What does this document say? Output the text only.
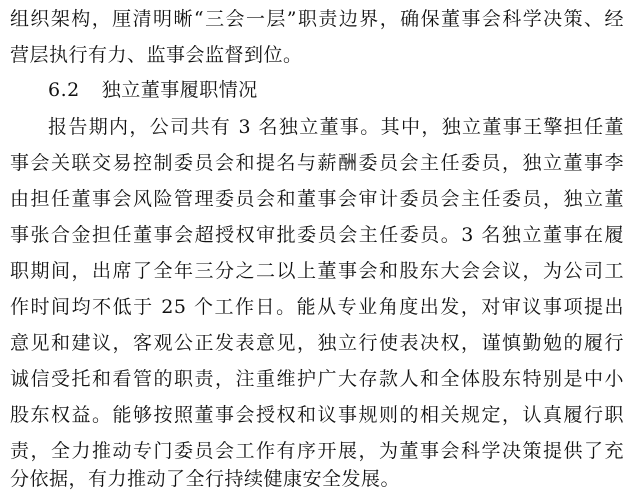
组织架构，厘清明晰“三会一层”职责边界，确保董事会科学决策、经
营层执行有力、监事会监督到位。
6.2 独立董事履职情况
报告期内，公司共有 3 名独立董事。其中，独立董事王擎担任董
事会关联交易控制委员会和提名与薪酬委员会主任委员，独立董事李
由担任董事会风险管理委员会和董事会审计委员会主任委员，独立董
事张合金担任董事会超授权审批委员会主任委员。3 名独立董事在履
职期间，出席了全年三分之二以上董事会和股东大会会议，为公司工
作时间均不低于 25 个工作日。能从专业角度出发，对审议事项提出
意见和建议，客观公正发表意见，独立行使表决权，谨慎勤勉的履行
诚信受托和看管的职责，注重维护广大存款人和全体股东特别是中小
股东权益。能够按照董事会授权和议事规则的相关规定，认真履行职
责，全力推动专门委员会工作有序开展，为董事会科学决策提供了充
分依据，有力推动了全行持续健康安全发展。
